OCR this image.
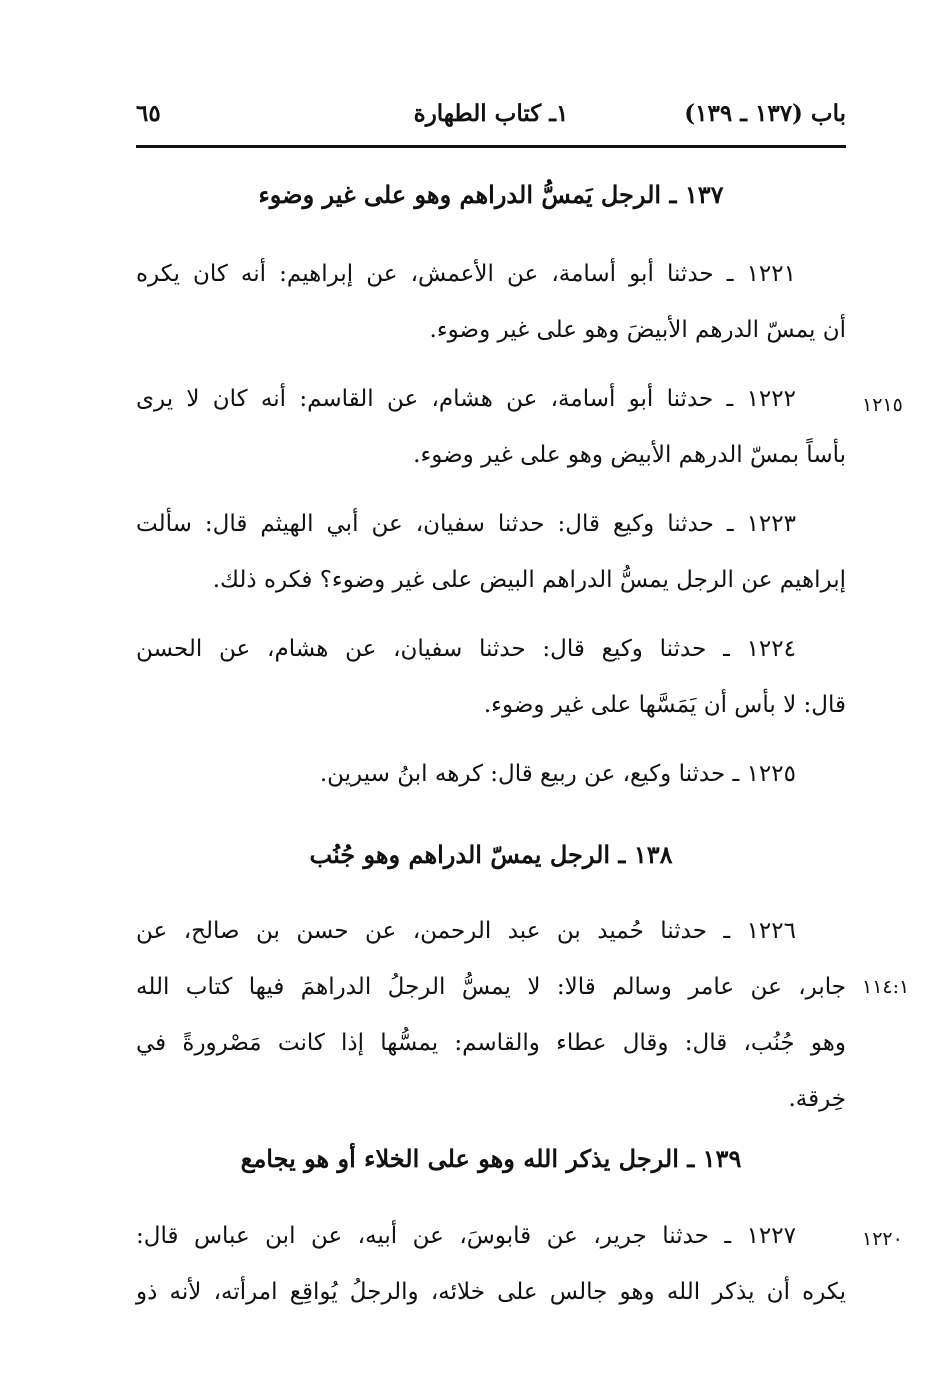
باب (١٣٧ ـ ١٣٩)
١ـ كتاب الطهارة
٦٥
١٣٧ ـ الرجل يَمسُّ الدراهم وهو على غير وضوء
١٢٢١ ـ حدثنا أبو أسامة، عن الأعمش، عن إبراهيم: أنه كان يكره
أن يمسّ الدرهم الأبيضَ وهو على غير وضوء.
١٢١٥
١٢٢٢ ـ حدثنا أبو أسامة، عن هشام، عن القاسم: أنه كان لا يرى
بأساً بمسّ الدرهم الأبيض وهو على غير وضوء.
١٢٢٣ ـ حدثنا وكيع قال: حدثنا سفيان، عن أبي الهيثم قال: سألت
إبراهيم عن الرجل يمسُّ الدراهم البيض على غير وضوء؟ فكره ذلك.
١٢٢٤ ـ حدثنا وكيع قال: حدثنا سفيان، عن هشام، عن الحسن
قال: لا بأس أن يَمَسَّها على غير وضوء.
١٢٢٥ ـ حدثنا وكيع، عن ربيع قال: كرهه ابنُ سيرين.
١٣٨ ـ الرجل يمسّ الدراهم وهو جُنُب
١١٤:١
١٢٢٦ ـ حدثنا حُميد بن عبد الرحمن، عن حسن بن صالح، عن
جابر، عن عامر وسالم قالا: لا يمسُّ الرجلُ الدراهمَ فيها كتاب الله
وهو جُنُب، قال: وقال عطاء والقاسم: يمسُّها إذا كانت مَصْرورةً في
خِرقة.
١٣٩ ـ الرجل يذكر الله وهو على الخلاء أو هو يجامع
١٢٢٠
١٢٢٧ ـ حدثنا جرير، عن قابوسَ، عن أبيه، عن ابن عباس قال:
يكره أن يذكر الله وهو جالس على خلائه، والرجلُ يُواقِع امرأته، لأنه ذو
